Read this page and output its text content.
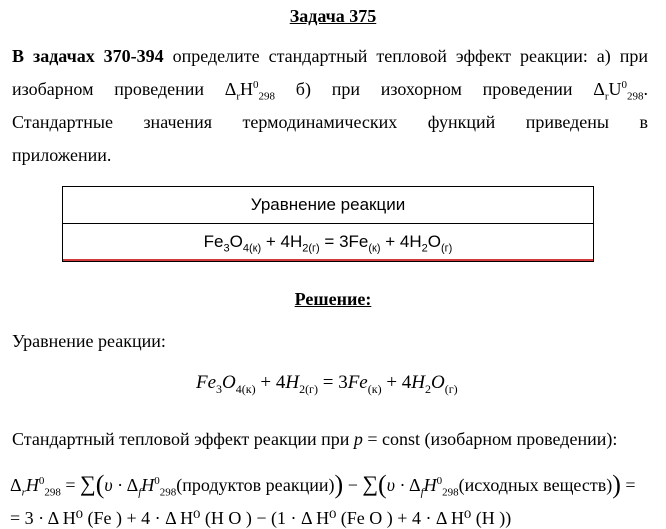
Задача 375
В задачах 370-394 определите стандартный тепловой эффект реакции: а) при
изобарном проведении $\Delta_rH^0_{298}$ б) при изохорном проведении $\Delta_rU^0_{298}$.
Стандартные значения термодинамических функций приведены в
приложении.
Уравнение реакции
$Fe_3O_{4(к)} + 4H_{2(г)} = 3Fe_{(к)} + 4H_2O_{(г)}$
Решение:
Уравнение реакции:
$Fe_3O_{4(к)} + 4H_{2(г)} = 3Fe_{(к)} + 4H_2O_{(г)}$
Стандартный тепловой эффект реакции при p = const (изобарном проведении):
$\Delta_rH^0_{298} = \sum(\upsilon$ · $\Delta_fH^0_{298}(продуктов$ реакции)) − $\sum(\upsilon \cdot \Delta_fH^0_{298}(исходных$ веществ)) =
= 3 · Δ H⁰ (Fe ) + 4 · Δ H⁰ (H O ) − (1 · Δ H⁰ (Fe O ) + 4 · Δ H⁰ (H ))
